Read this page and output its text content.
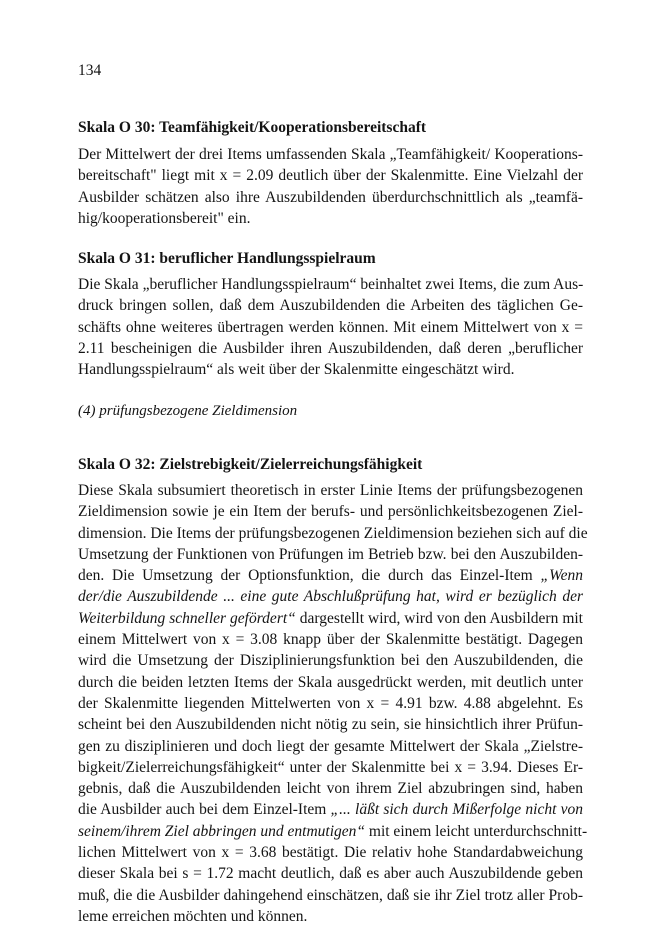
134
Skala O 30: Teamfähigkeit/Kooperationsbereitschaft
Der Mittelwert der drei Items umfassenden Skala „Teamfähigkeit/ Kooperations-
bereitschaft" liegt mit x = 2.09 deutlich über der Skalenmitte. Eine Vielzahl der
Ausbilder schätzen also ihre Auszubildenden überdurchschnittlich als „teamfä-
hig/kooperationsbereit" ein.
Skala O 31: beruflicher Handlungsspielraum
Die Skala „beruflicher Handlungsspielraum“ beinhaltet zwei Items, die zum Aus-
druck bringen sollen, daß dem Auszubildenden die Arbeiten des täglichen Ge-
schäfts ohne weiteres übertragen werden können. Mit einem Mittelwert von x =
2.11 bescheinigen die Ausbilder ihren Auszubildenden, daß deren „beruflicher
Handlungsspielraum“ als weit über der Skalenmitte eingeschätzt wird.
(4) prüfungsbezogene Zieldimension
Skala O 32: Zielstrebigkeit/Zielerreichungsfähigkeit
Diese Skala subsumiert theoretisch in erster Linie Items der prüfungsbezogenen
Zieldimension sowie je ein Item der berufs- und persönlichkeitsbezogenen Ziel-
dimension. Die Items der prüfungsbezogenen Zieldimension beziehen sich auf die
Umsetzung der Funktionen von Prüfungen im Betrieb bzw. bei den Auszubilden-
den. Die Umsetzung der Optionsfunktion, die durch das Einzel-Item „Wenn
der/die Auszubildende ... eine gute Abschlußprüfung hat, wird er bezüglich der
Weiterbildung schneller gefördert“ dargestellt wird, wird von den Ausbildern mit
einem Mittelwert von x = 3.08 knapp über der Skalenmitte bestätigt. Dagegen
wird die Umsetzung der Disziplinierungsfunktion bei den Auszubildenden, die
durch die beiden letzten Items der Skala ausgedrückt werden, mit deutlich unter
der Skalenmitte liegenden Mittelwerten von x = 4.91 bzw. 4.88 abgelehnt. Es
scheint bei den Auszubildenden nicht nötig zu sein, sie hinsichtlich ihrer Prüfun-
gen zu disziplinieren und doch liegt der gesamte Mittelwert der Skala „Zielstre-
bigkeit/Zielerreichungsfähigkeit“ unter der Skalenmitte bei x = 3.94. Dieses Er-
gebnis, daß die Auszubildenden leicht von ihrem Ziel abzubringen sind, haben
die Ausbilder auch bei dem Einzel-Item „... läßt sich durch Mißerfolge nicht von
seinem/ihrem Ziel abbringen und entmutigen“ mit einem leicht unterdurchschnitt-
lichen Mittelwert von x = 3.68 bestätigt. Die relativ hohe Standardabweichung
dieser Skala bei s = 1.72 macht deutlich, daß es aber auch Auszubildende geben
muß, die die Ausbilder dahingehend einschätzen, daß sie ihr Ziel trotz aller Prob-
leme erreichen möchten und können.
